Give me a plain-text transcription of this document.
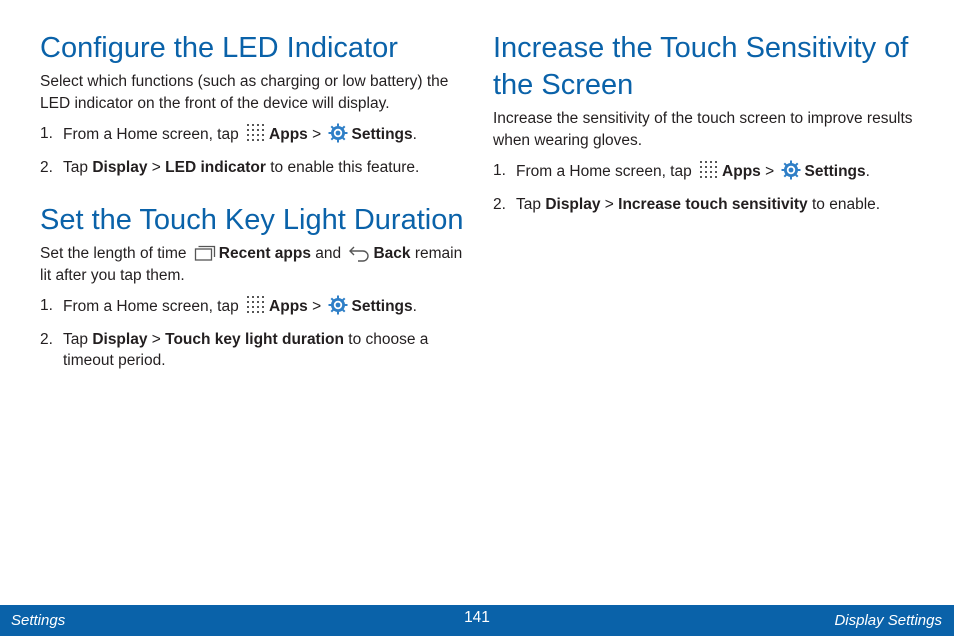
Configure the LED Indicator

Select which functions (such as charging or low battery) the LED indicator on the front of the device will display.

1. From a Home screen, tap Apps > Settings.
2. Tap Display > LED indicator to enable this feature.
Set the Touch Key Light Duration

Set the length of time Recent apps and Back remain lit after you tap them.

1. From a Home screen, tap Apps > Settings.
2. Tap Display > Touch key light duration to choose a timeout period.
Increase the Touch Sensitivity of the Screen

Increase the sensitivity of the touch screen to improve results when wearing gloves.

1. From a Home screen, tap Apps > Settings.
2. Tap Display > Increase touch sensitivity to enable.
Settings	141	Display Settings
